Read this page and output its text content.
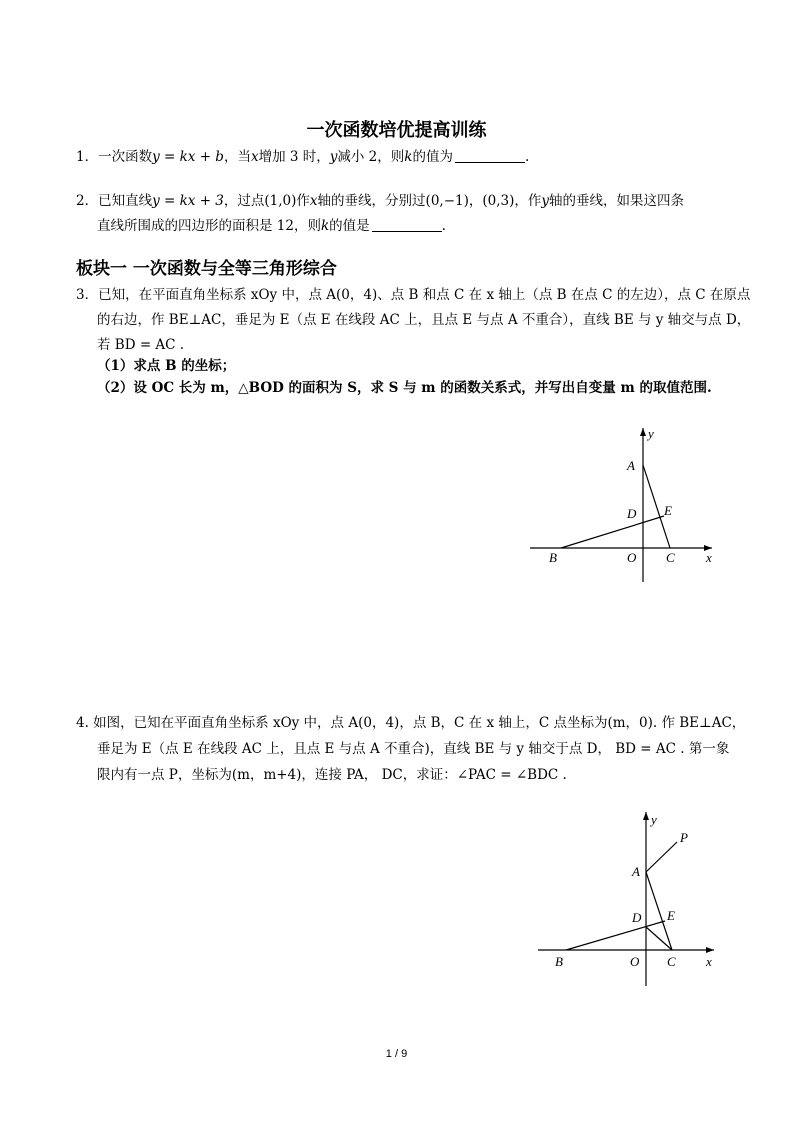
一次函数培优提高训练
1．一次函数y = kx + b，当x增加 3 时，y减小 2，则k的值为	.
2．已知直线y = kx + 3，过点(1,0)作x轴的垂线，分别过(0,−1)，(0,3)，作y轴的垂线，如果这四条
直线所围成的四边形的面积是 12，则k的值是	.
板块一 一次函数与全等三角形综合
3．已知，在平面直角坐标系 xOy 中，点 A(0，4)、点 B 和点 C 在 x 轴上（点 B 在点 C 的左边），点 C 在原点
的右边，作 BE⊥AC，垂足为 E（点 E 在线段 AC 上，且点 E 与点 A 不重合），直线 BE 与 y 轴交与点 D，
若 BD = AC .
（1）求点 B 的坐标；
（2）设 OC 长为 m，△BOD 的面积为 S，求 S 与 m 的函数关系式，并写出自变量 m 的取值范围.
y
x
A
D E
B	O C
4. 如图，已知在平面直角坐标系 xOy 中，点 A(0，4)，点 B，C 在 x 轴上，C 点坐标为(m，0). 作 BE⊥AC，
垂足为 E（点 E 在线段 AC 上，且点 E 与点 A 不重合)，直线 BE 与 y 轴交于点 D， BD = AC . 第一象
限内有一点 P，坐标为(m，m+4)，连接 PA， DC，求证：∠PAC = ∠BDC .
y
x
P
A
D E
B	O C
1 / 9
